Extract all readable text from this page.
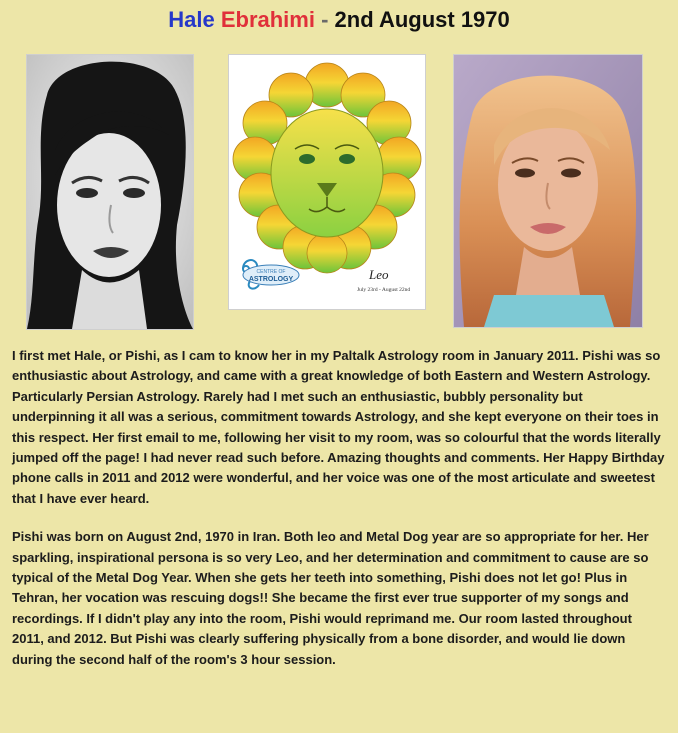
Hale Ebrahimi - 2nd August 1970
CENTRE OF
ASTROLOGY	Leo
July 23rd - August 22nd

I first met Hale, or Pishi, as I cam to know her in my Paltalk Astrology room in January 2011. Pishi was so enthusiastic about Astrology, and came with a great knowledge of both Eastern and Western Astrology. Particularly Persian Astrology. Rarely had I met such an enthusiastic, bubbly personality but underpinning it all was a serious, commitment towards Astrology, and she kept everyone on their toes in this respect. Her first email to me, following her visit to my room, was so colourful that the words literally jumped off the page! I had never read such before. Amazing thoughts and comments. Her Happy Birthday phone calls in 2011 and 2012 were wonderful, and her voice was one of the most articulate and sweetest that I have ever heard.

Pishi was born on August 2nd, 1970 in Iran. Both leo and Metal Dog year are so appropriate for her. Her sparkling, inspirational persona is so very Leo, and her determination and commitment to cause are so typical of the Metal Dog Year. When she gets her teeth into something, Pishi does not let go! Plus in Tehran, her vocation was rescuing dogs!! She became the first ever true supporter of my songs and recordings. If I didn't play any into the room, Pishi would reprimand me. Our room lasted throughout 2011, and 2012. But Pishi was clearly suffering physically from a bone disorder, and would lie down during the second half of the room's 3 hour session.
